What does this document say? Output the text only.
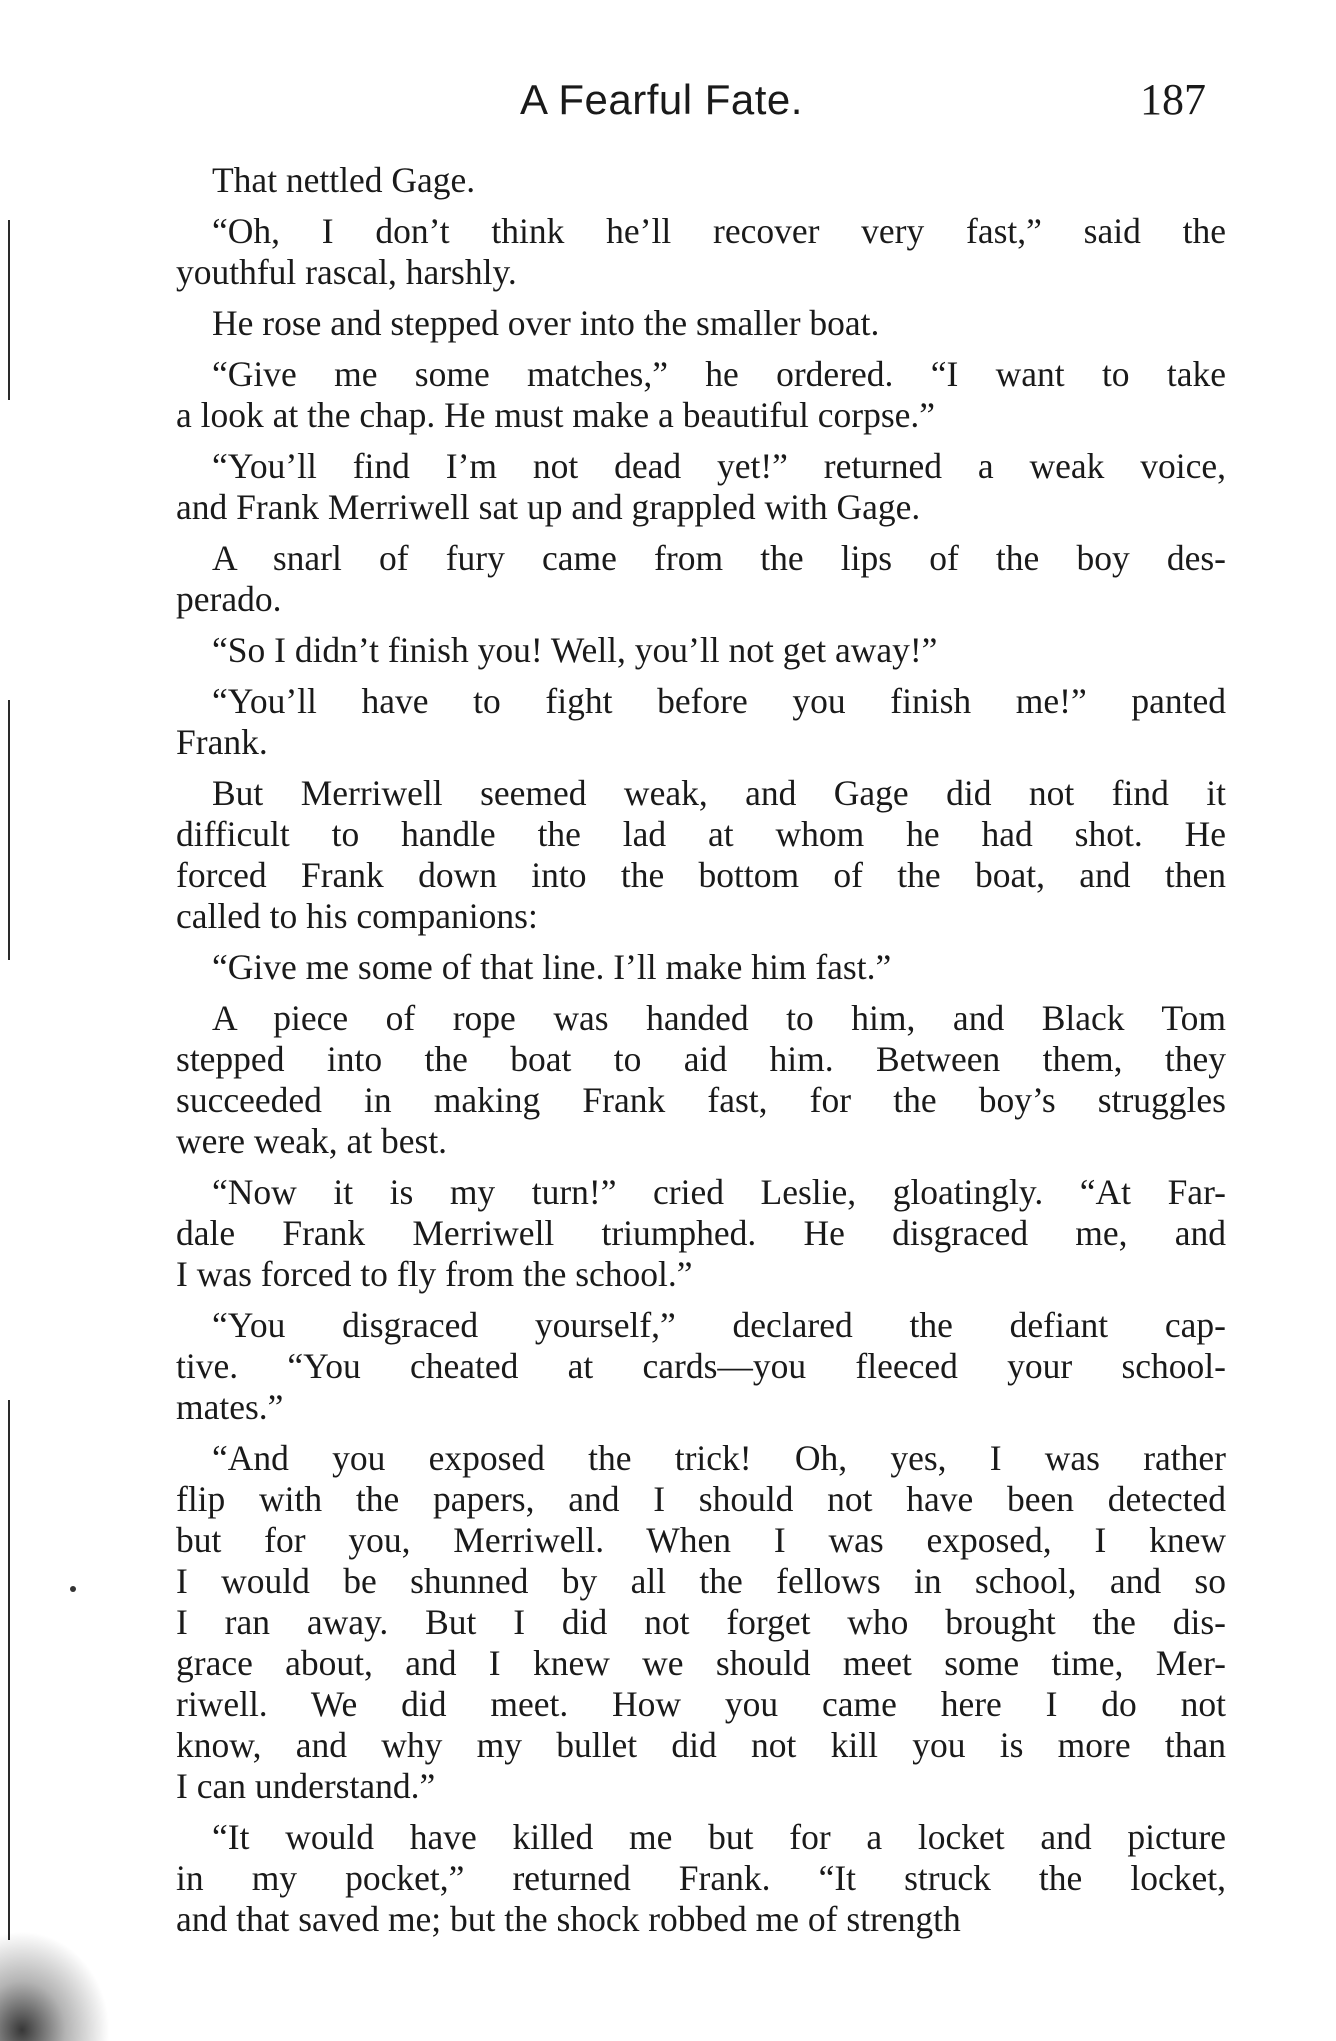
A Fearful Fate.	187
That nettled Gage.
“Oh, I don’t think he’ll recover very fast,” said the
youthful rascal, harshly.
He rose and stepped over into the smaller boat.
“Give me some matches,” he ordered. “I want to take
a look at the chap. He must make a beautiful corpse.”
“You’ll find I’m not dead yet!” returned a weak voice,
and Frank Merriwell sat up and grappled with Gage.
A snarl of fury came from the lips of the boy des-
perado.
“So I didn’t finish you! Well, you’ll not get away!”
“You’ll have to fight before you finish me!” panted
Frank.
But Merriwell seemed weak, and Gage did not find it
difficult to handle the lad at whom he had shot. He
forced Frank down into the bottom of the boat, and then
called to his companions:
“Give me some of that line. I’ll make him fast.”
A piece of rope was handed to him, and Black Tom
stepped into the boat to aid him. Between them, they
succeeded in making Frank fast, for the boy’s struggles
were weak, at best.
“Now it is my turn!” cried Leslie, gloatingly. “At Far-
dale Frank Merriwell triumphed. He disgraced me, and
I was forced to fly from the school.”
“You disgraced yourself,” declared the defiant cap-
tive. “You cheated at cards—you fleeced your school-
mates.”
“And you exposed the trick! Oh, yes, I was rather
flip with the papers, and I should not have been detected
but for you, Merriwell. When I was exposed, I knew
I would be shunned by all the fellows in school, and so
I ran away. But I did not forget who brought the dis-
grace about, and I knew we should meet some time, Mer-
riwell. We did meet. How you came here I do not
know, and why my bullet did not kill you is more than
I can understand.”
“It would have killed me but for a locket and picture
in my pocket,” returned Frank. “It struck the locket,
and that saved me; but the shock robbed me of strength
